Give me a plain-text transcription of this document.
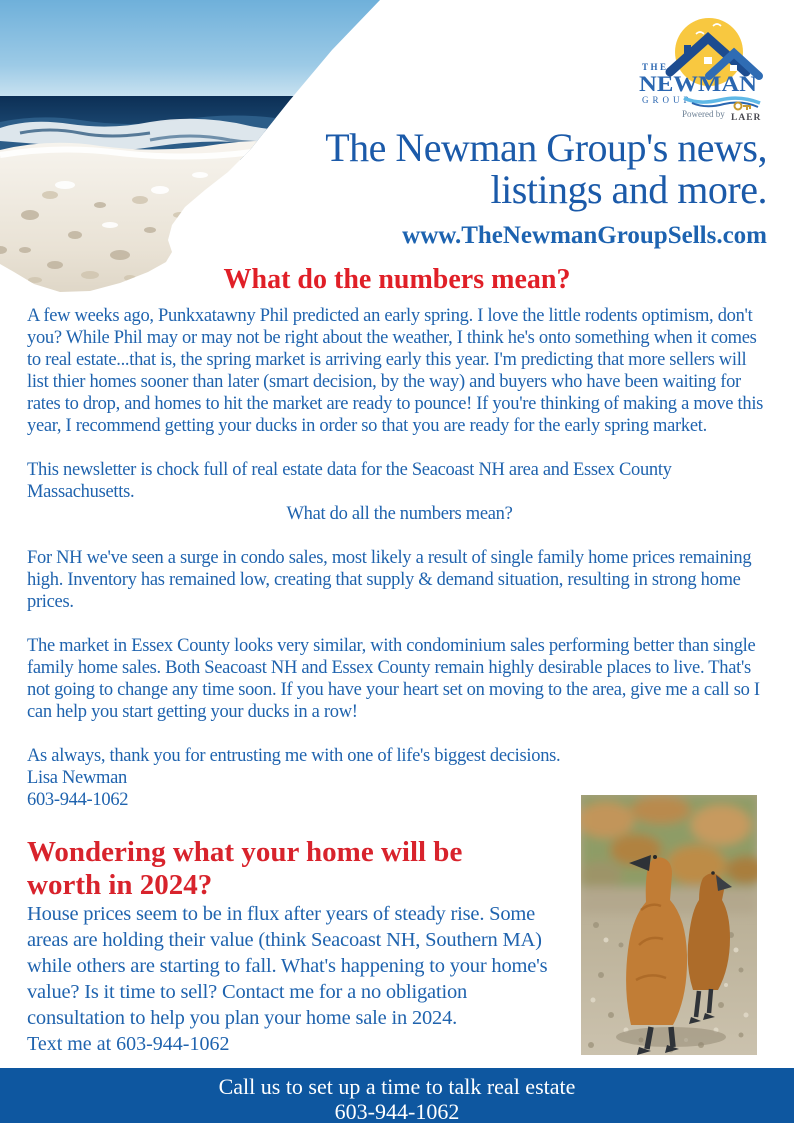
THE
NEWMAN
GROUP
Powered by LAER
The Newman Group's news,
listings and more.
www.TheNewmanGroupSells.com
What do the numbers mean?

A few weeks ago, Punkxatawny Phil predicted an early spring. I love the little rodents optimism, don't you? While Phil may or may not be right about the weather, I think he's onto something when it comes to real estate...that is, the spring market is arriving early this year. I'm predicting that more sellers will list thier homes sooner than later (smart decision, by the way) and buyers who have been waiting for rates to drop, and homes to hit the market are ready to pounce! If you're thinking of making a move this year, I recommend getting your ducks in order so that you are ready for the early spring market.

This newsletter is chock full of real estate data for the Seacoast NH area and Essex County Massachusetts.

What do all the numbers mean?

For NH we've seen a surge in condo sales, most likely a result of single family home prices remaining high. Inventory has remained low, creating that supply & demand situation, resulting in strong home prices.

The market in Essex County looks very similar, with condominium sales performing better than single family home sales. Both Seacoast NH and Essex County remain highly desirable places to live. That's not going to change any time soon. If you have your heart set on moving to the area, give me a call so I can help you start getting your ducks in a row!

As always, thank you for entrusting me with one of life's biggest decisions.

Lisa Newman

603-944-1062

Wondering what your home will be
worth in 2024?
House prices seem to be in flux after years of steady rise. Some areas are holding their value (think Seacoast NH, Southern MA) while others are starting to fall. What's happening to your home's value? Is it time to sell? Contact me for a no obligation consultation to help you plan your home sale in 2024.
Text me at 603-944-1062
Call us to set up a time to talk real estate
603-944-1062
